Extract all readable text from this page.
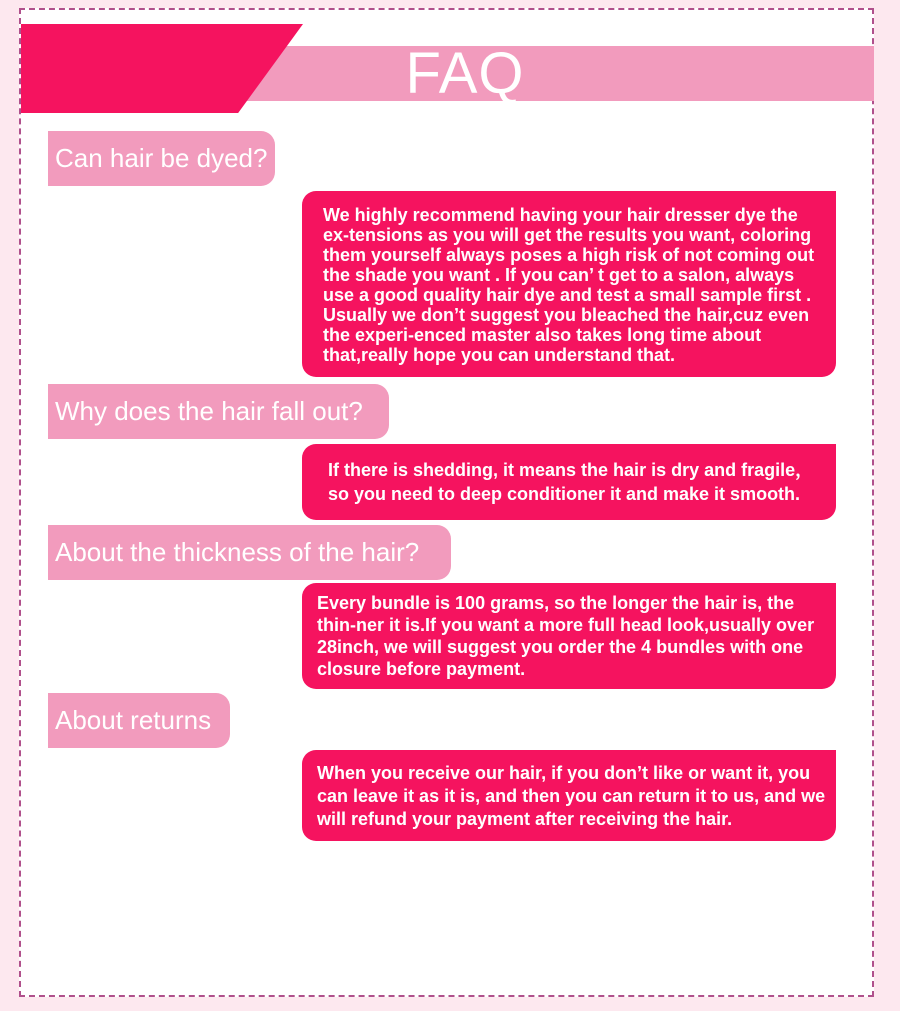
FAQ
Can hair be dyed?
We highly recommend having your hair dresser dye the ex-tensions as you will get the results you want, coloring them yourself always poses a high risk of not coming out the shade you want . If you can’ t get to a salon, always use a good quality hair dye and test a small sample first . Usually we don’t suggest you bleached the hair,cuz even the experi-enced master also takes long time about that,really hope you can understand that.
Why does the hair fall out?
If there is shedding, it means the hair is dry and fragile， so you need to deep conditioner it and make it smooth.
About the thickness of the hair?
Every bundle is 100 grams, so the longer the hair is, the thin-ner it is.If you want a more full head look,usually over 28inch, we will suggest you order the 4 bundles with one closure before payment.
About returns
When you receive our hair, if you don’t like or want it, you can leave it as it is, and then you can return it to us, and we will refund your payment after receiving the hair.
